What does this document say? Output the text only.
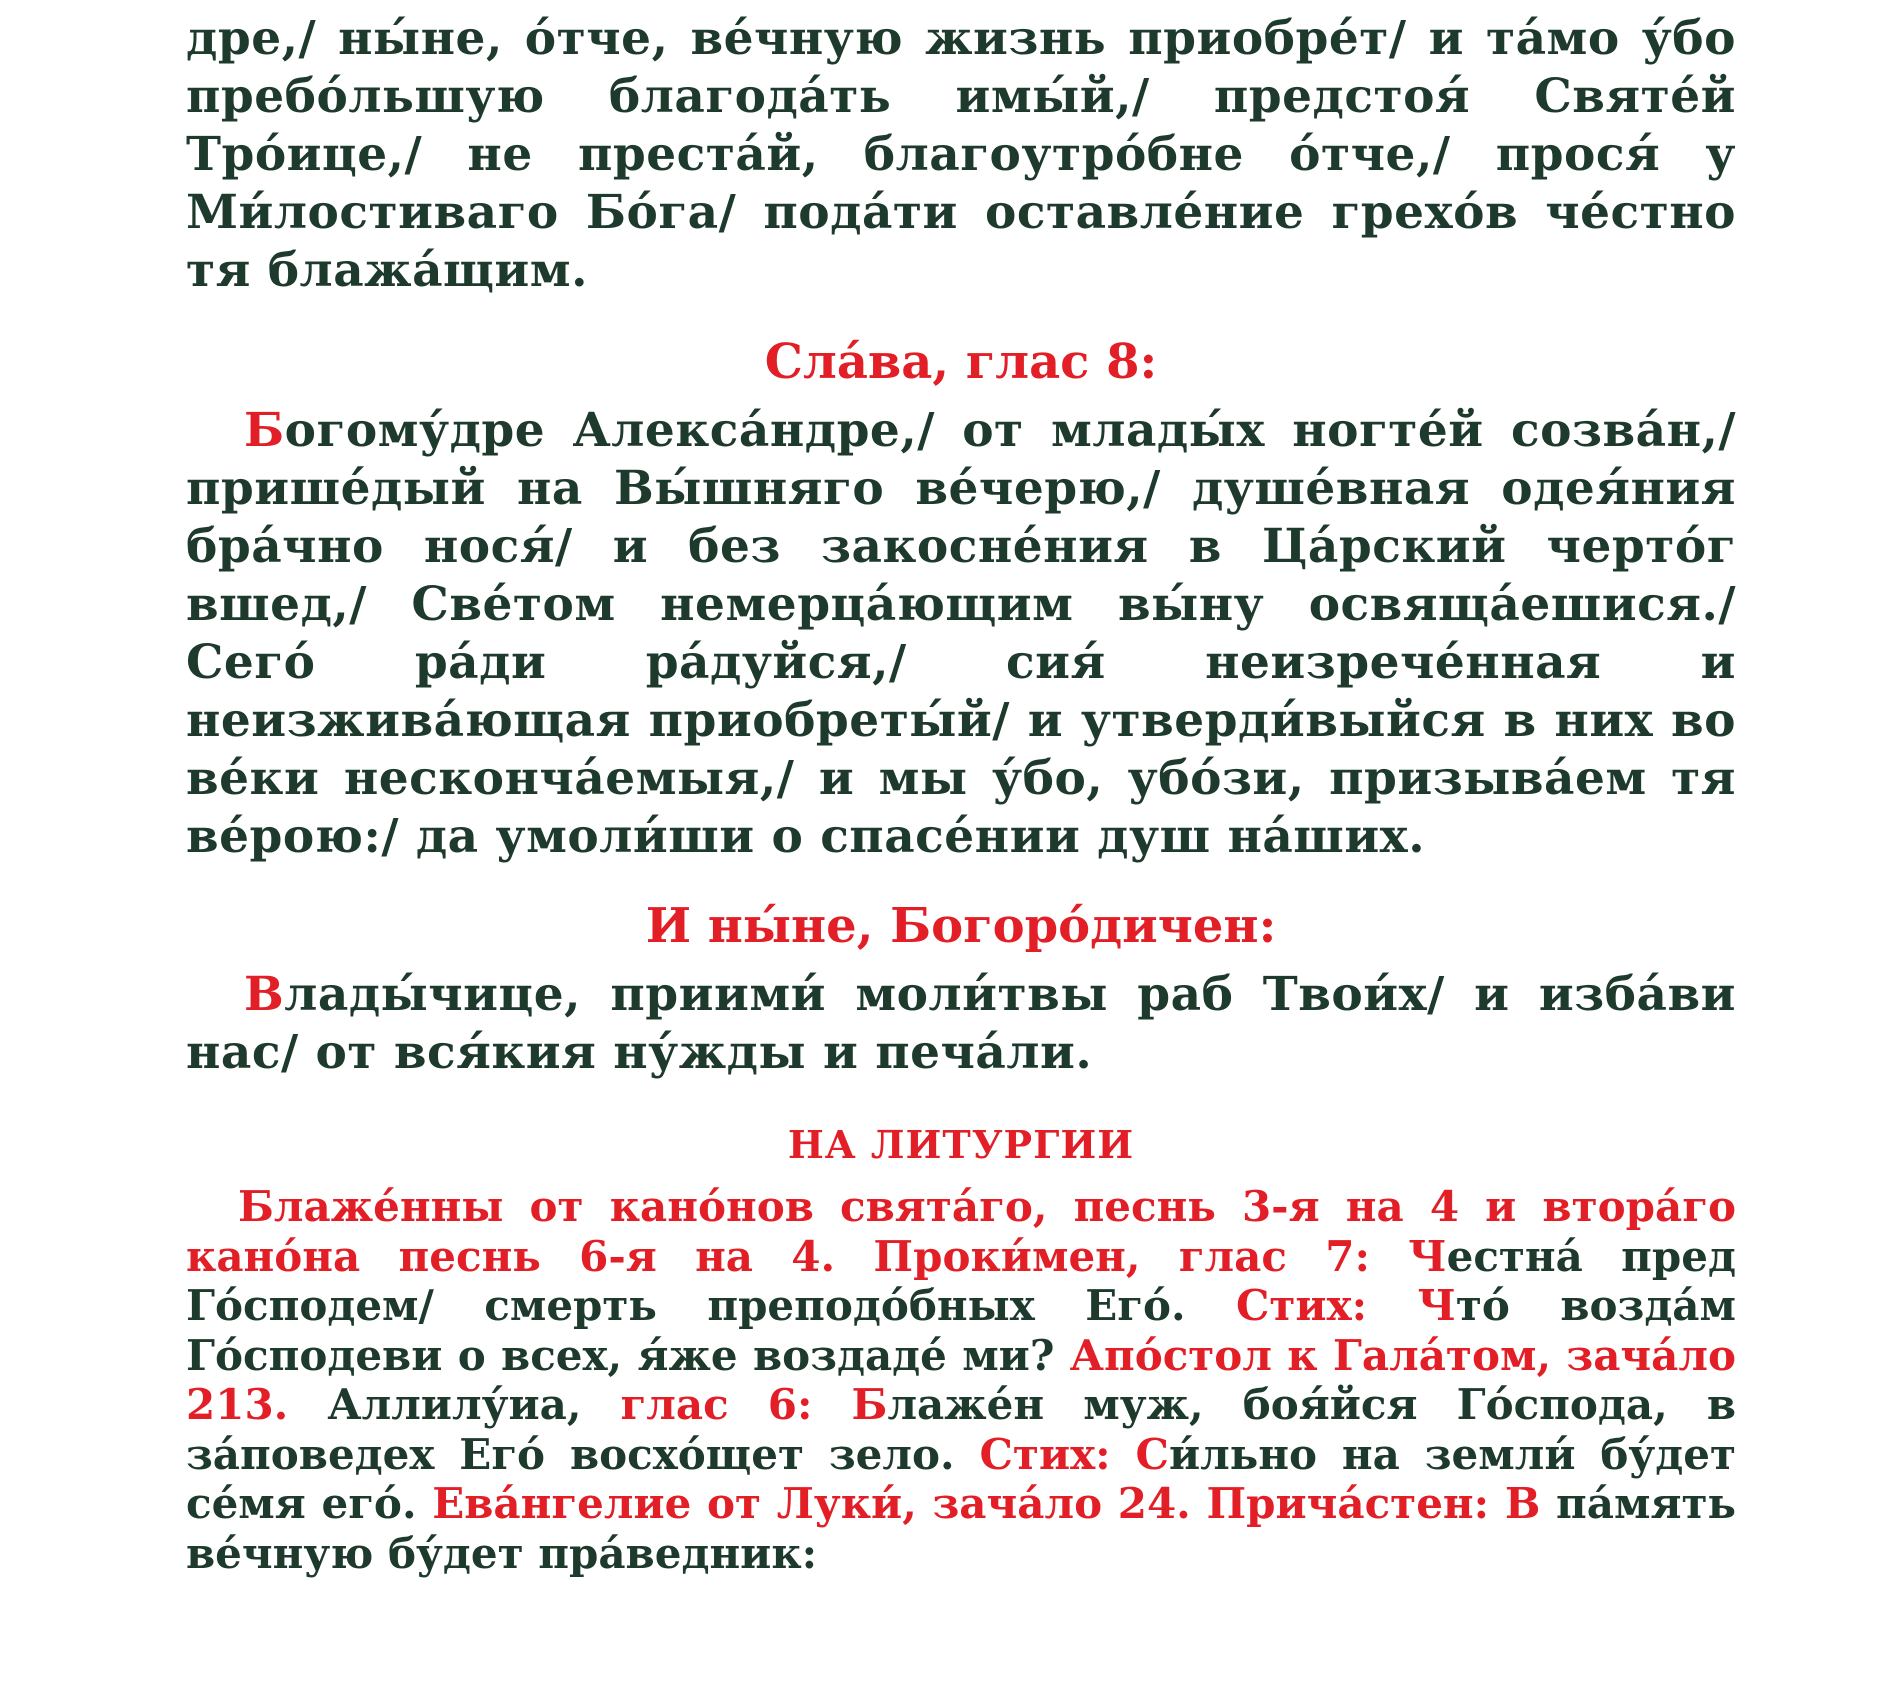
дре,/ ны́не, о́тче, ве́чную жизнь приобре́т/ и та́мо у́бо пребо́льшую благода́ть имы́й,/ предстоя́ Святе́й Тро́ице,/ не преста́й, благоутро́бне о́тче,/ прося́ у Ми́лостиваго Бо́га/ пода́ти оставле́ние грехо́в че́стно тя блажа́щим.

Сла́ва, глас 8:

Богому́дре Алекса́ндре,/ от млады́х ногте́й созва́н,/ пришéдый на Вы́шняго ве́черю,/ душе́вная одея́ния бра́чно нося́/ и без закосне́ния в Ца́рский черто́г вшед,/ Све́том немерца́ющим вы́ну освяща́ешися./ Сего́ ра́ди ра́дуйся,/ сия́ неизрече́нная и неизжива́ющая приобреты́й/ и утверди́выйся в них во ве́ки нескончáемыя,/ и мы у́бо, убо́зи, призыва́ем тя ве́рою:/ да умоли́ши о спасе́нии душ на́ших.

И ны́не, Богоро́дичен:

Влады́чице, приими́ моли́твы раб Твои́х/ и изба́ви нас/ от вся́кия ну́жды и печа́ли.

НА ЛИТУРГИИ

Блаже́нны от кано́нов свята́го, песнь 3-я на 4 и втора́го кано́на песнь 6-я на 4. Проки́мен, глас 7: Честна́ пред Го́сподем/ смерть преподо́бных Его́. Стих: Что́ возда́м Го́сподеви о всех, я́же воздаде́ ми? Апо́стол к Гала́том, зача́ло 213. Аллилу́иа, глас 6: Блаже́н муж, боя́йся Го́спода, в за́поведех Его́ восхо́щет зело. Стих: Си́льно на земли́ бу́дет се́мя его́. Ева́нгелие от Луки́, зача́ло 24. Прича́стен: В па́мять ве́чную бу́дет пра́ведник:
